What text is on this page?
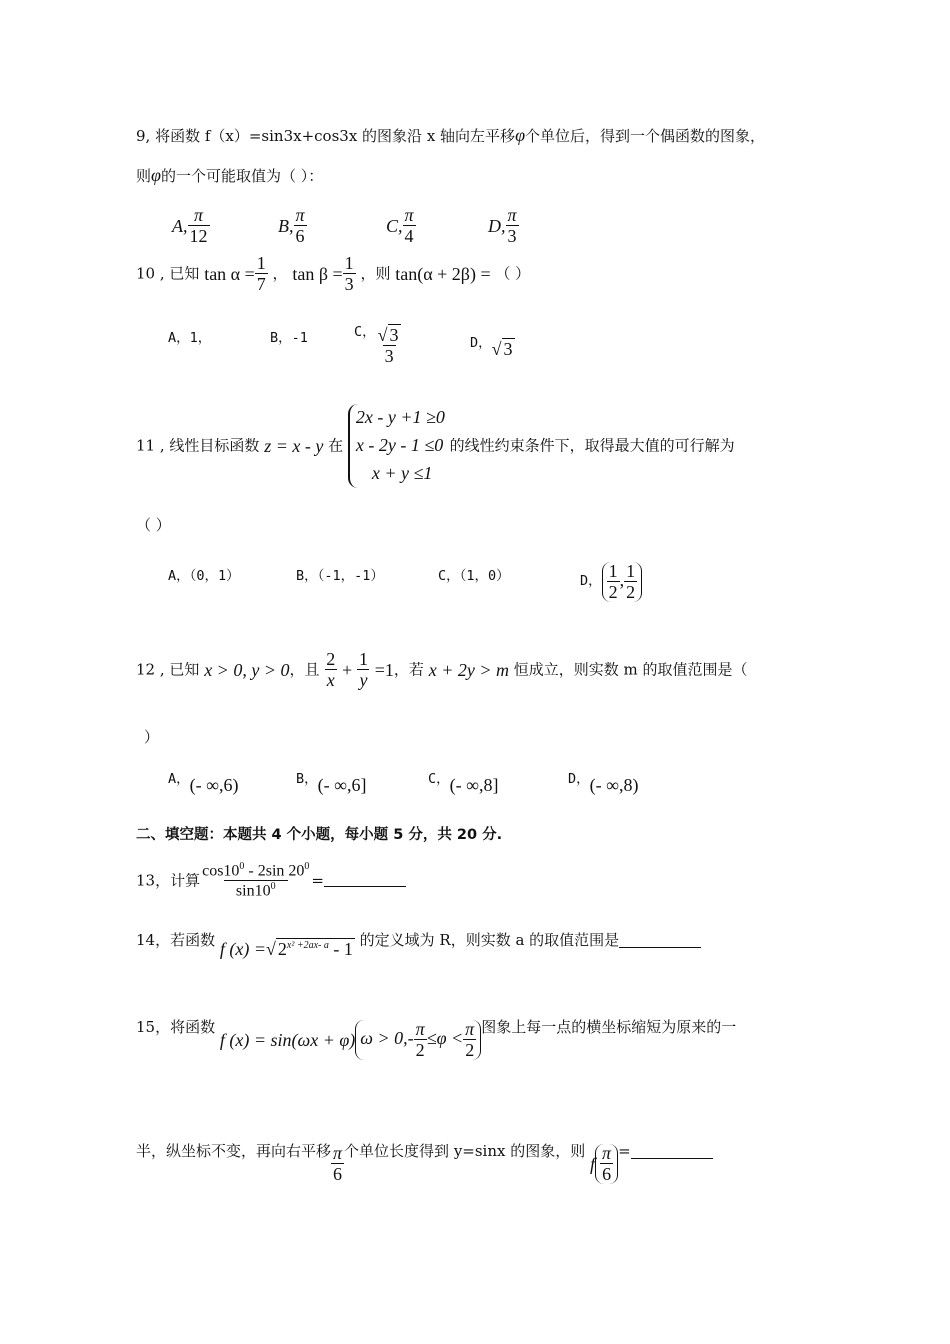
9, 将函数 f（x）=sin3x+cos3x 的图象沿 x 轴向左平移φ个单位后，得到一个偶函数的图象，
则φ的一个可能取值为（ ）：
A, $\frac{\pi}{12}$	B, $\frac{\pi}{6}$	C, $\frac{\pi}{4}$	D, $\frac{\pi}{3}$
10 , 已知 $\tan \alpha = \frac{1}{7}$ ， $\tan \beta = \frac{1}{3}$ ，则 tan(α + 2β) = （ ）
A，1，	B，-1	C， $\frac{√ 3}{3}$	D，√ 3
11 , 线性目标函数 z = x - y 在 2x - y +1 ≥0
x - 2y - 1 ≤0
x + y ≤1 的线性约束条件下，取得最大值的可行解为
（ ）
A，（0，1）	B，（-1，-1）	C，（1，0）	D， $\frac{1}{2}$ , $\frac{1}{2}$
12 , 已知 x > 0, y > 0，且 $\frac{2}{x} + \frac{1}{y} =1$，若 x + 2y > m 恒成立，则实数 m 的取值范围是（
）
A，(- ∞,6)	B，(- ∞,6]	C，(- ∞,8]	D，(- ∞,8)
二、填空题：本题共 4 个小题，每小题 5 分，共 20 分.
13，计算 $\frac{\cos 10^0 - 2\sin 20^0}{\sin 10^0}$ =
14，若函数 f (x) =√ $2^{x^2 +2ax- a} - 1$ 的定义域为 R，则实数 a 的取值范围是
15，将函数 f (x) = sin(ωx + φ) $\omega > 0,- \frac{\pi}{2} \le\varphi < \frac{\pi}{2}$ 图象上每一点的横坐标缩短为原来的一
半，纵坐标不变，再向右平移 $\frac{\pi}{6}$ 个单位长度得到 y=sinx 的图象，则 f $\frac{\pi}{6}$ =
